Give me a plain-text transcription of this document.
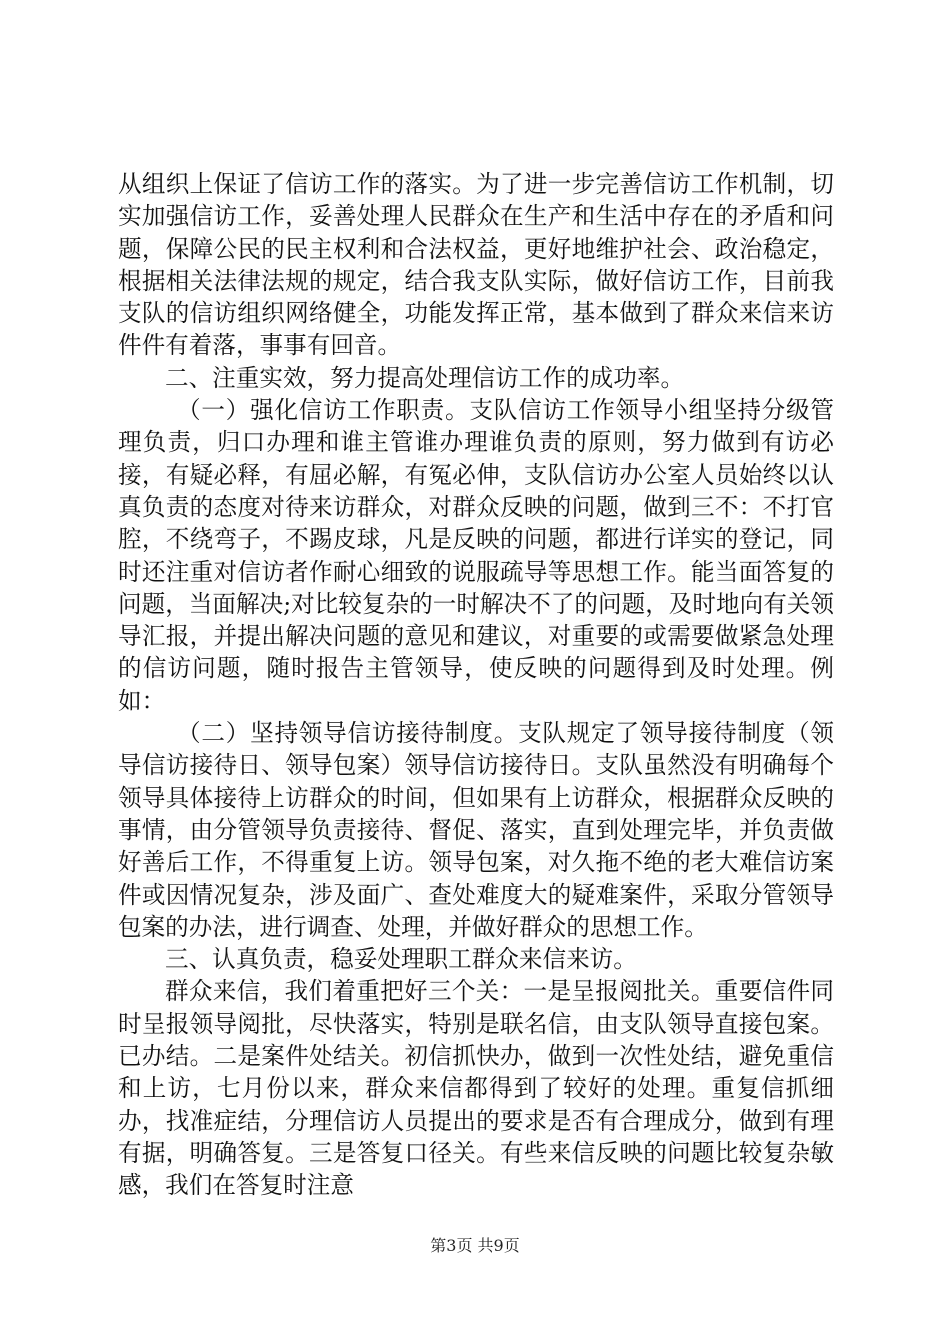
从组织上保证了信访工作的落实。为了进一步完善信访工作机制，切实加强信访工作，妥善处理人民群众在生产和生活中存在的矛盾和问题，保障公民的民主权利和合法权益，更好地维护社会、政治稳定，根据相关法律法规的规定，结合我支队实际，做好信访工作，目前我支队的信访组织网络健全，功能发挥正常，基本做到了群众来信来访件件有着落，事事有回音。

二、注重实效，努力提高处理信访工作的成功率。

（一）强化信访工作职责。支队信访工作领导小组坚持分级管理负责，归口办理和谁主管谁办理谁负责的原则，努力做到有访必接，有疑必释，有屈必解，有冤必伸，支队信访办公室人员始终以认真负责的态度对待来访群众，对群众反映的问题，做到三不：不打官腔，不绕弯子，不踢皮球，凡是反映的问题，都进行详实的登记，同时还注重对信访者作耐心细致的说服疏导等思想工作。能当面答复的问题，当面解决;对比较复杂的一时解决不了的问题，及时地向有关领导汇报，并提出解决问题的意见和建议，对重要的或需要做紧急处理的信访问题，随时报告主管领导，使反映的问题得到及时处理。例如：

（二）坚持领导信访接待制度。支队规定了领导接待制度（领导信访接待日、领导包案）领导信访接待日。支队虽然没有明确每个领导具体接待上访群众的时间，但如果有上访群众，根据群众反映的事情，由分管领导负责接待、督促、落实，直到处理完毕，并负责做好善后工作，不得重复上访。领导包案，对久拖不绝的老大难信访案件或因情况复杂，涉及面广、查处难度大的疑难案件，采取分管领导包案的办法，进行调查、处理，并做好群众的思想工作。

三、认真负责，稳妥处理职工群众来信来访。

群众来信，我们着重把好三个关：一是呈报阅批关。重要信件同时呈报领导阅批，尽快落实，特别是联名信，由支队领导直接包案。已办结。二是案件处结关。初信抓快办，做到一次性处结，避免重信和上访，七月份以来，群众来信都得到了较好的处理。重复信抓细办，找准症结，分理信访人员提出的要求是否有合理成分，做到有理有据，明确答复。三是答复口径关。有些来信反映的问题比较复杂敏感，我们在答复时注意

第3页 共9页
